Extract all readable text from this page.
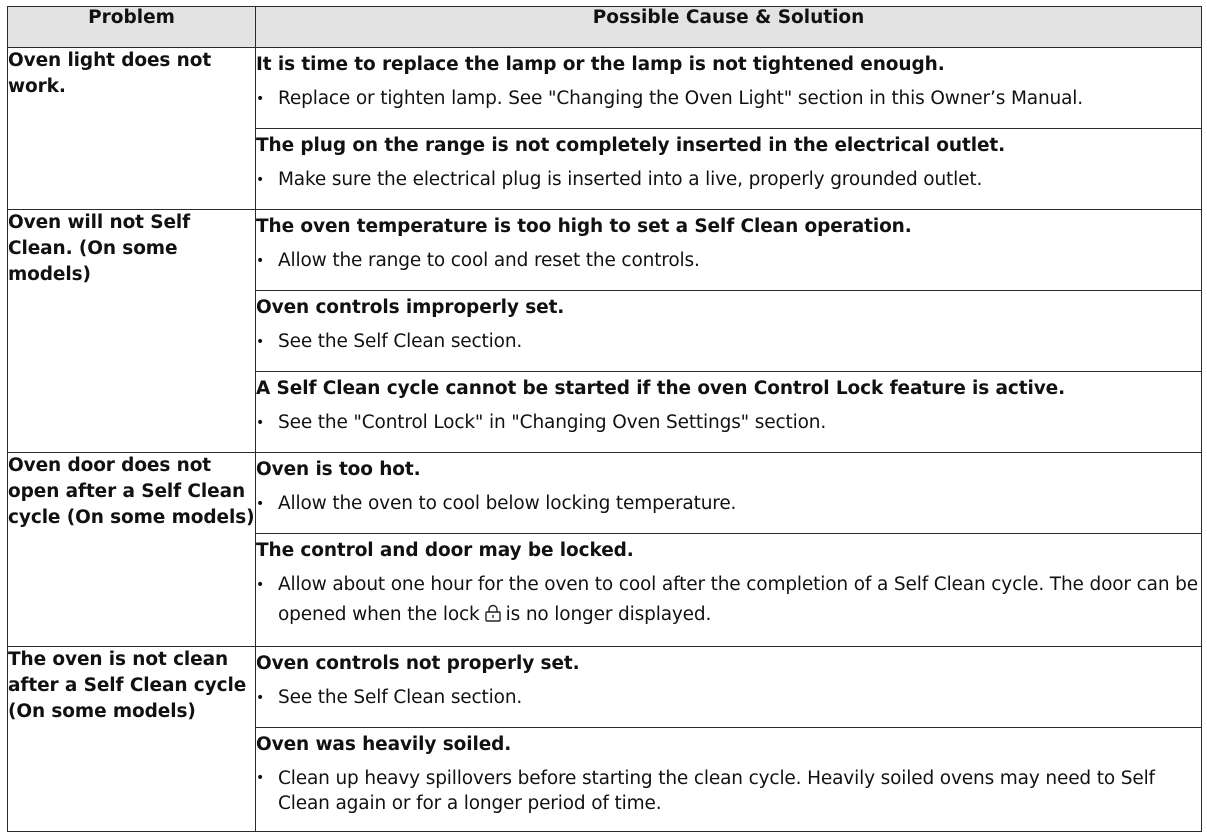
Problem	Possible Cause & Solution
Oven light does not work.	It is time to replace the lamp or the lamp is not tightened enough.
• Replace or tighten lamp. See "Changing the Oven Light" section in this Owner’s Manual.

	The plug on the range is not completely inserted in the electrical outlet.
• Make sure the electrical plug is inserted into a live, properly grounded outlet.

Oven will not Self Clean. (On some models)	The oven temperature is too high to set a Self Clean operation.
• Allow the range to cool and reset the controls.

	Oven controls improperly set.
• See the Self Clean section.

	A Self Clean cycle cannot be started if the oven Control Lock feature is active.
• See the "Control Lock" in "Changing Oven Settings" section.

Oven door does not open after a Self Clean cycle (On some models)	Oven is too hot.
• Allow the oven to cool below locking temperature.

	The control and door may be locked.
• Allow about one hour for the oven to cool after the completion of a Self Clean cycle. The door can be opened when the lock is no longer displayed.

The oven is not clean after a Self Clean cycle (On some models)	Oven controls not properly set.
• See the Self Clean section.

	Oven was heavily soiled.
• Clean up heavy spillovers before starting the clean cycle. Heavily soiled ovens may need to Self Clean again or for a longer period of time.
